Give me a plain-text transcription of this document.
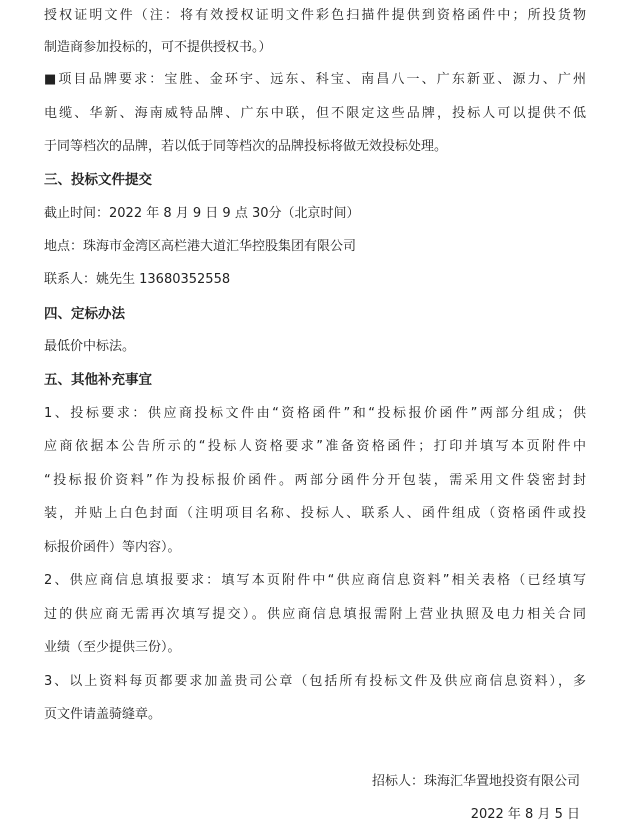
授权证明文件（注：将有效授权证明文件彩色扫描件提供到资格函件中；所投货物
制造商参加投标的，可不提供授权书。）
■项目品牌要求：宝胜、金环宇、远东、科宝、南昌八一、广东新亚、源力、广州
电缆、华新、海南威特品牌、广东中联，但不限定这些品牌，投标人可以提供不低
于同等档次的品牌，若以低于同等档次的品牌投标将做无效投标处理。
三、投标文件提交
截止时间：2022 年 8 月 9 日 9 点 30分（北京时间）
地点：珠海市金湾区高栏港大道汇华控股集团有限公司
联系人：姚先生 13680352558
四、定标办法
最低价中标法。
五、其他补充事宜
1、投标要求：供应商投标文件由“资格函件”和“投标报价函件”两部分组成；供
应商依据本公告所示的“投标人资格要求”准备资格函件；打印并填写本页附件中
“投标报价资料”作为投标报价函件。两部分函件分开包装，需采用文件袋密封封
装，并贴上白色封面（注明项目名称、投标人、联系人、函件组成（资格函件或投
标报价函件）等内容）。
2、供应商信息填报要求：填写本页附件中“供应商信息资料”相关表格（已经填写
过的供应商无需再次填写提交）。供应商信息填报需附上营业执照及电力相关合同
业绩（至少提供三份）。
3、以上资料每页都要求加盖贵司公章（包括所有投标文件及供应商信息资料），多
页文件请盖骑缝章。
招标人：珠海汇华置地投资有限公司
2022 年 8 月 5 日
